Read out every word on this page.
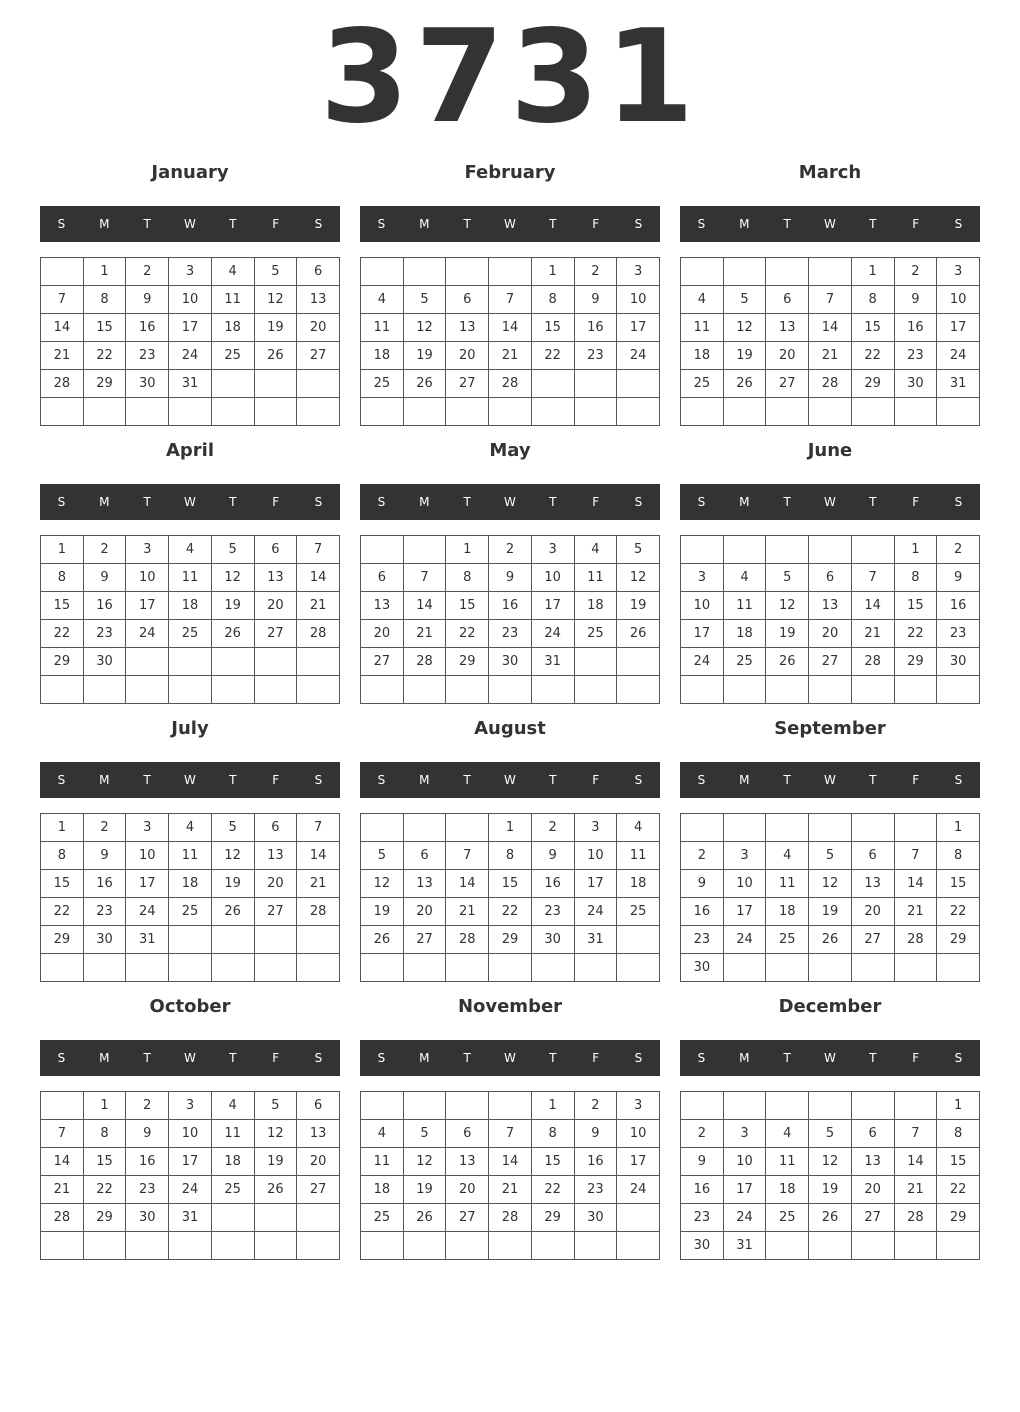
3731
January
S	M	T	W	T	F	S
	1	2	3	4	5	6
7	8	9	10	11	12	13
14	15	16	17	18	19	20
21	22	23	24	25	26	27
28	29	30	31			

February
S	M	T	W	T	F	S
				1	2	3
4	5	6	7	8	9	10
11	12	13	14	15	16	17
18	19	20	21	22	23	24
25	26	27	28			

March
S	M	T	W	T	F	S
				1	2	3
4	5	6	7	8	9	10
11	12	13	14	15	16	17
18	19	20	21	22	23	24
25	26	27	28	29	30	31

April
S	M	T	W	T	F	S
1	2	3	4	5	6	7
8	9	10	11	12	13	14
15	16	17	18	19	20	21
22	23	24	25	26	27	28
29	30					

May
S	M	T	W	T	F	S
		1	2	3	4	5
6	7	8	9	10	11	12
13	14	15	16	17	18	19
20	21	22	23	24	25	26
27	28	29	30	31		

June
S	M	T	W	T	F	S
					1	2
3	4	5	6	7	8	9
10	11	12	13	14	15	16
17	18	19	20	21	22	23
24	25	26	27	28	29	30

July
S	M	T	W	T	F	S
1	2	3	4	5	6	7
8	9	10	11	12	13	14
15	16	17	18	19	20	21
22	23	24	25	26	27	28
29	30	31				

August
S	M	T	W	T	F	S
			1	2	3	4
5	6	7	8	9	10	11
12	13	14	15	16	17	18
19	20	21	22	23	24	25
26	27	28	29	30	31	

September
S	M	T	W	T	F	S
						1
2	3	4	5	6	7	8
9	10	11	12	13	14	15
16	17	18	19	20	21	22
23	24	25	26	27	28	29
30						
October
S	M	T	W	T	F	S
	1	2	3	4	5	6
7	8	9	10	11	12	13
14	15	16	17	18	19	20
21	22	23	24	25	26	27
28	29	30	31			

November
S	M	T	W	T	F	S
				1	2	3
4	5	6	7	8	9	10
11	12	13	14	15	16	17
18	19	20	21	22	23	24
25	26	27	28	29	30	

December
S	M	T	W	T	F	S
						1
2	3	4	5	6	7	8
9	10	11	12	13	14	15
16	17	18	19	20	21	22
23	24	25	26	27	28	29
30	31					
